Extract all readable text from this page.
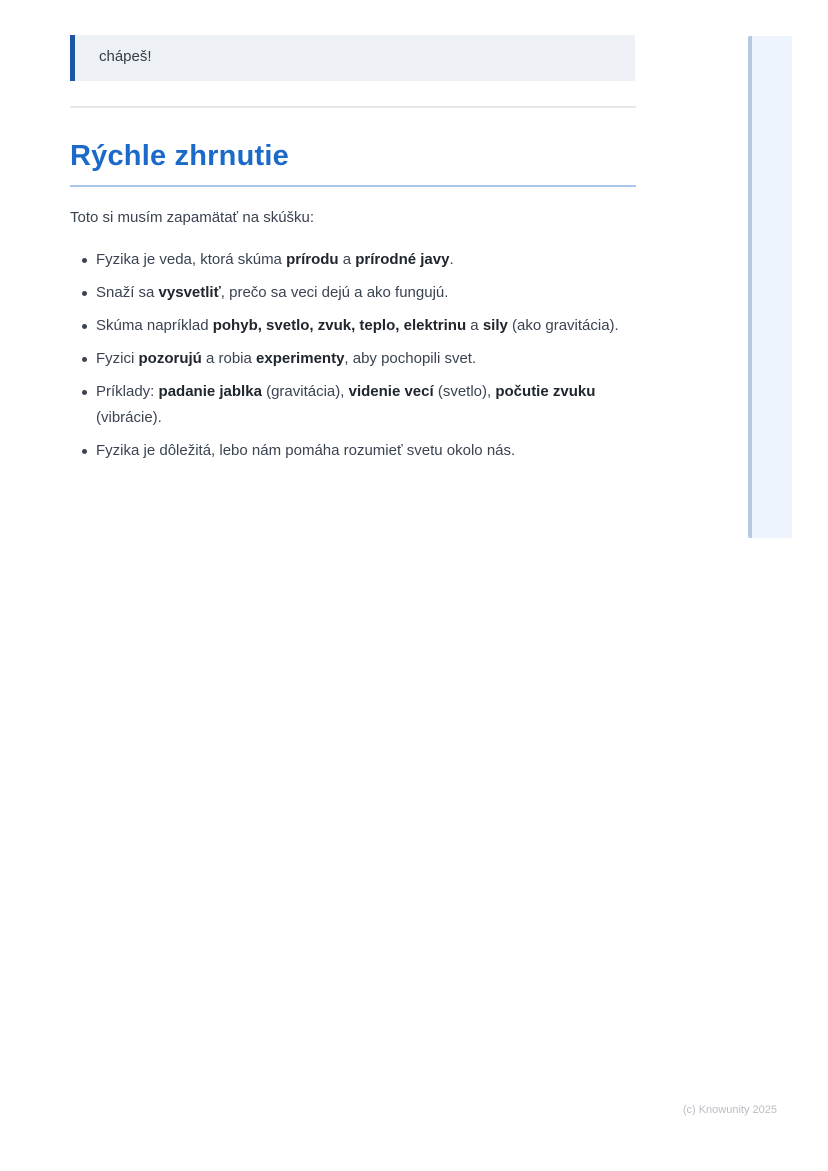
chápeš!
Rýchle zhrnutie

Toto si musím zapamätať na skúšku:

Fyzika je veda, ktorá skúma prírodu a prírodné javy.
Snaží sa vysvetliť, prečo sa veci dejú a ako fungujú.
Skúma napríklad pohyb, svetlo, zvuk, teplo, elektrinu a sily (ako gravitácia).
Fyzici pozorujú a robia experimenty, aby pochopili svet.
Príklady: padanie jablka (gravitácia), videnie vecí (svetlo), počutie zvuku (vibrácie).
Fyzika je dôležitá, lebo nám pomáha rozumieť svetu okolo nás.
(c) Knowunity 2025
